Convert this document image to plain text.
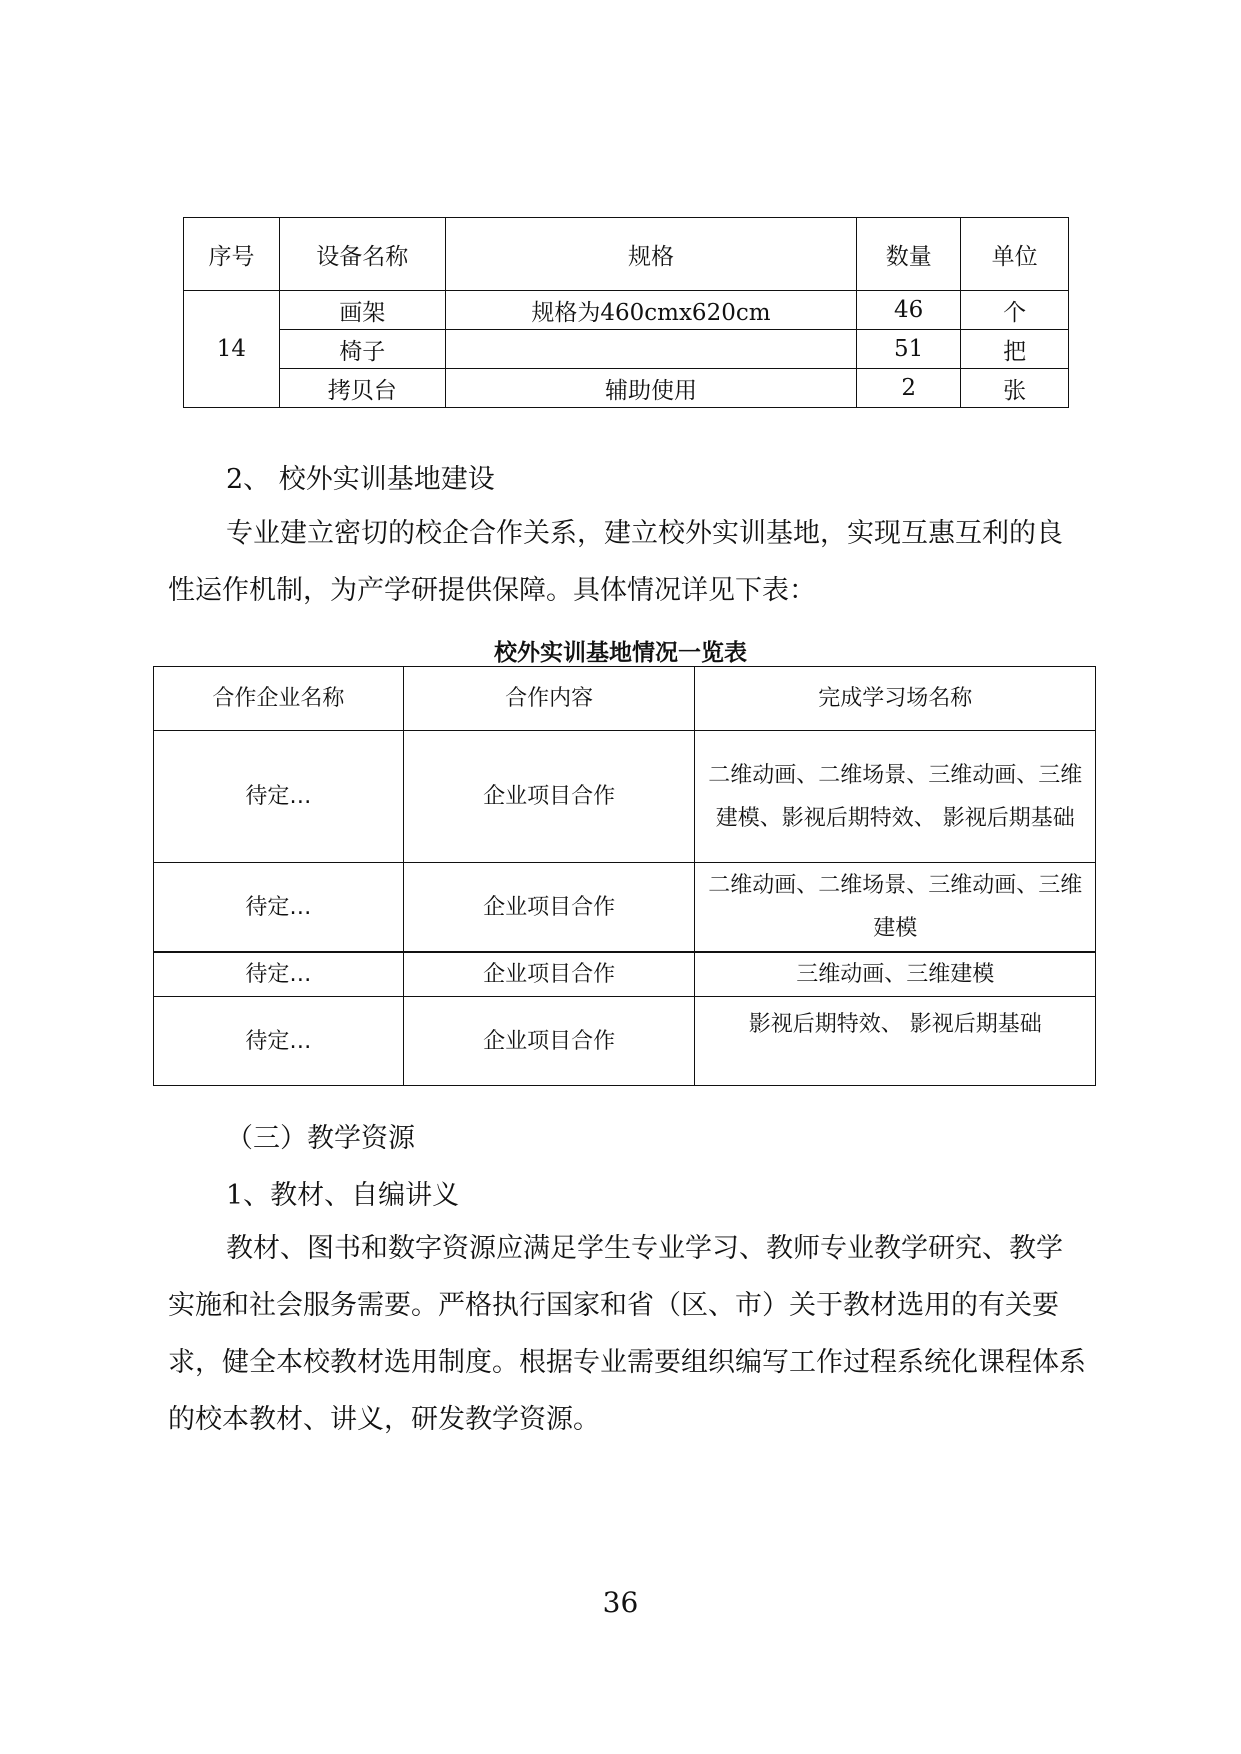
序号	设备名称	规格	数量	单位
14	画架	规格为460cmx620cm	46	个
	椅子		51	把
	拷贝台	辅助使用	2	张
2、 校外实训基地建设

专业建立密切的校企合作关系，建立校外实训基地，实现互惠互利的良性运作机制，为产学研提供保障。具体情况详见下表：

校外实训基地情况一览表
合作企业名称	合作内容	完成学习场名称
待定…	企业项目合作	二维动画、二维场景、三维动画、三维建模、影视后期特效、 影视后期基础
待定…	企业项目合作	二维动画、二维场景、三维动画、三维建模
待定…	企业项目合作	三维动画、三维建模
待定…	企业项目合作	影视后期特效、 影视后期基础
（三）教学资源
1、教材、自编讲义

教材、图书和数字资源应满足学生专业学习、教师专业教学研究、教学实施和社会服务需要。严格执行国家和省（区、市）关于教材选用的有关要求，健全本校教材选用制度。根据专业需要组织编写工作过程系统化课程体系的校本教材、讲义，研发教学资源。

36
